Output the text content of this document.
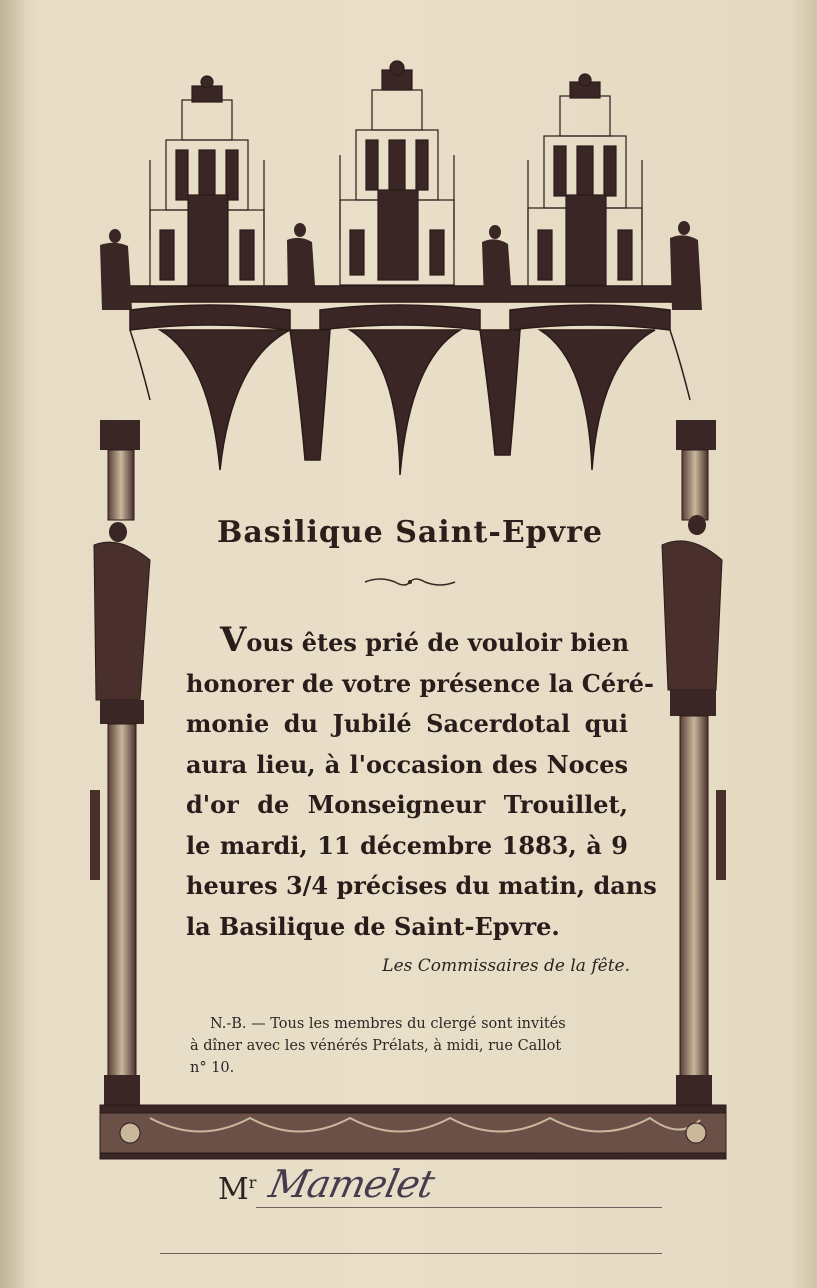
Basilique Saint-Epvre
Vous êtes prié de vouloir bien
honorer de votre présence la Céré-
monie du Jubilé Sacerdotal qui
aura lieu, à l'occasion des Noces
d'or de Monseigneur Trouillet,
le mardi, 11 décembre 1883, à 9
heures 3/4 précises du matin, dans
la Basilique de Saint-Epvre.
Les Commissaires de la fête.
N.-B. — Tous les membres du clergé sont invités
à dîner avec les vénérés Prélats, à midi, rue Callot
n° 10.
$M^r$ Mamelet
